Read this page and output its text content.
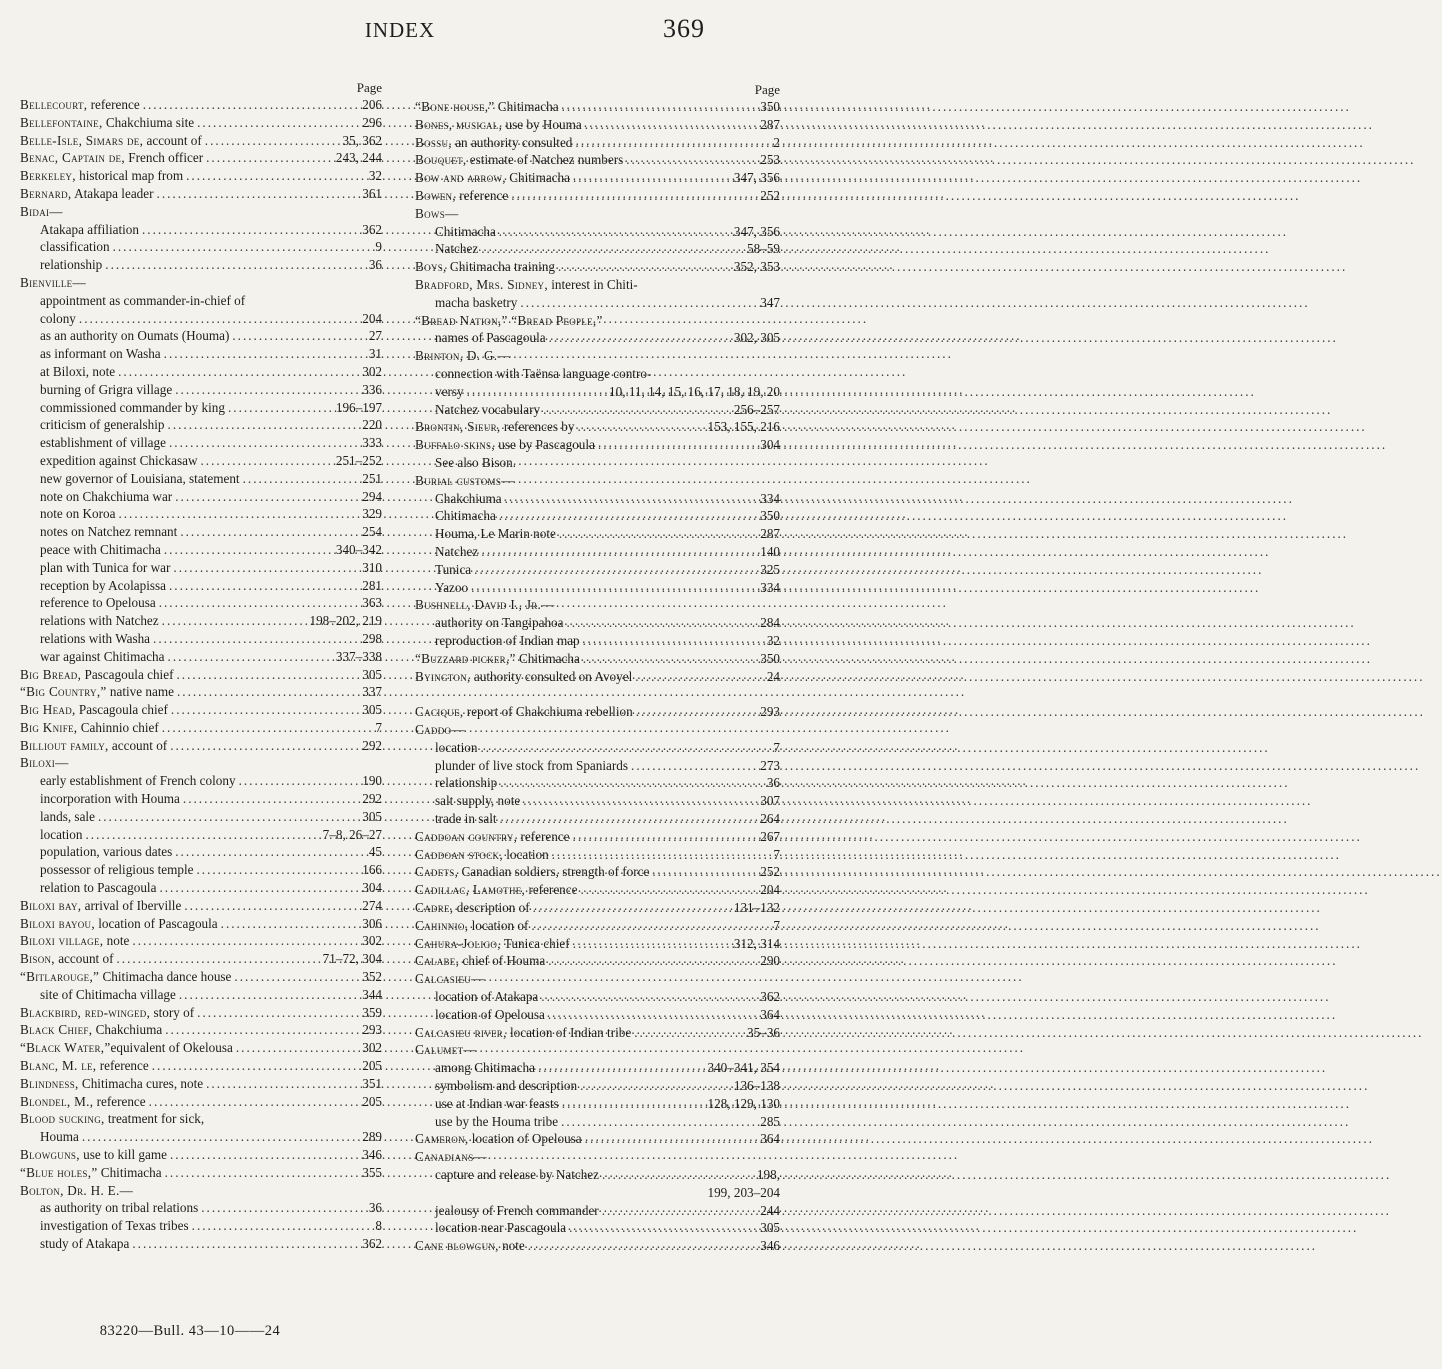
INDEX	369
Page
Bellecourt, reference .....	206
Bellefontaine, Chakchiuma site .....	296
Belle-Isle, Simars de, account of .....	35, 362
Benac, Captain de, French officer .....	243, 244
Berkeley, historical map from .....	32
Bernard, Atakapa leader .....	361
Bidai—
Atakapa affiliation .....	362
classification .....	9
relationship .....	36
Bienville—
appointment as commander-in-chief of
colony .....	204
as an authority on Oumats (Houma) .....	27
as informant on Washa .....	31
at Biloxi, note .....	302
burning of Grigra village .....	336
commissioned commander by king .....	196–197
criticism of generalship .....	220
establishment of village .....	333
expedition against Chickasaw .....	251–252
new governor of Louisiana, statement .....	251
note on Chakchiuma war .....	294
note on Koroa .....	329
notes on Natchez remnant .....	254
peace with Chitimacha .....	340–342
plan with Tunica for war .....	310
reception by Acolapissa .....	281
reference to Opelousa .....	363
relations with Natchez .....	198–202, 219
relations with Washa .....	298
war against Chitimacha .....	337–338
Big Bread, Pascagoula chief .....	305
“Big Country,” native name .....	337
Big Head, Pascagoula chief .....	305
Big Knife, Cahinnio chief .....	7
Billiout family, account of .....	292
Biloxi—
early establishment of French colony .....	190
incorporation with Houma .....	292
lands, sale .....	305
location .....	7–8, 26–27
population, various dates .....	45
possessor of religious temple .....	166
relation to Pascagoula .....	304
Biloxi bay, arrival of Iberville .....	274
Biloxi bayou, location of Pascagoula .....	306
Biloxi village, note .....	302
Bison, account of .....	71–72, 304
“Bitlarouge,” Chitimacha dance house .....	352
site of Chitimacha village .....	344
Blackbird, red-winged, story of .....	359
Black Chief, Chakchiuma .....	293
“Black Water,”equivalent of Okelousa .....	302
Blanc, M. le, reference .....	205
Blindness, Chitimacha cures, note .....	351
Blondel, M., reference .....	205
Blood sucking, treatment for sick,
Houma .....	289
Blowguns, use to kill game .....	346
“Blue holes,” Chitimacha .....	355
Bolton, Dr. H. E.—
as authority on tribal relations .....	36
investigation of Texas tribes .....	8
study of Atakapa .....	362
Page
“Bone house,” Chitimacha .....	350
Bones, musical, use by Houma .....	287
Bossu, an authority consulted .....	2
Bouquet, estimate of Natchez numbers .....	253
Bow and arrow, Chitimacha .....	347, 356
Bowen, reference .....	252
Bows—
Chitimacha .....	347, 356
Natchez .....	58–59
Boys, Chitimacha training .....	352, 353
Bradford, Mrs. Sidney, interest in Chiti-
macha basketry .....	347
“Bread Nation,” “Bread People,”
names of Pascagoula .....	302, 305
Brinton, D. G.—
connection with Taënsa language contro-
versy .....	10, 11, 14, 15, 16, 17, 18, 19, 20
Natchez vocabulary .....	256–257
Brontin, Sieur, references by .....	153, 155, 216
Buffalo skins, use by Pascagoula .....	304
See also Bison.
Burial customs—
Chakchiuma .....	334
Chitimacha .....	350
Houma, Le Marin note .....	287
Natchez .....	140
Tunica .....	325
Yazoo .....	334
Bushnell, David I., Jr.—
authority on Tangipahoa .....	284
reproduction of Indian map .....	32
“Buzzard picker,” Chitimacha .....	350
Byington, authority consulted on Avoyel .....	24
Cacique, report of Chakchiuma rebellion .....	293
Caddo—
location .....	7
plunder of live stock from Spaniards .....	273
relationship .....	36
salt supply, note .....	307
trade in salt .....	264
Caddoan country, reference .....	267
Caddoan stock, location .....	7
Cadets, Canadian soldiers, strength of force .....	252
Cadillac, Lamothe, reference .....	204
Cadre, description of .....	131–132
Cahinnio, location of .....	7
Cahura-Joligo, Tunica chief .....	312, 314
Calabe, chief of Houma .....	290
Calcasieu—
location of Atakapa .....	362
location of Opelousa .....	364
Calcasieu river, location of Indian tribe .....	35–36
Calumet—
among Chitimacha .....	340–341, 354
symbolism and description .....	136–138
use at Indian war feasts .....	128, 129, 130
use by the Houma tribe .....	285
Cameron, location of Opelousa .....	364
Canadians—
capture and release by Natchez .....	198,
199, 203–204
jealousy of French commander .....	244
location near Pascagoula .....	305
Cane blowgun, note .....	346
83220—Bull. 43—10——24
